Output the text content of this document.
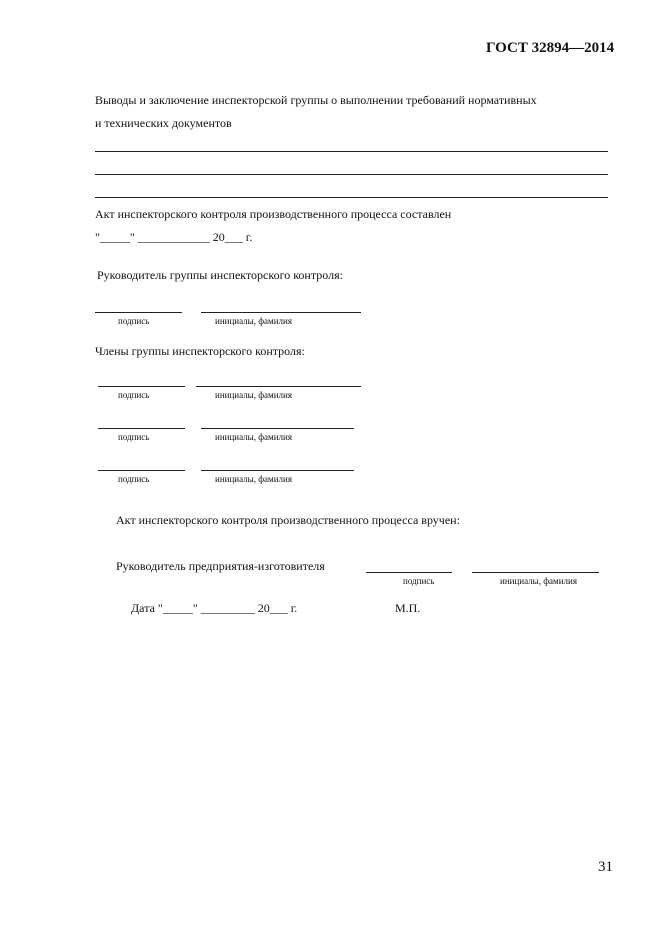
ГОСТ 32894—2014
Выводы и заключение инспекторской группы о выполнении требований нормативных
и технических документов
Акт инспекторского контроля производственного процесса составлен
"_____" ____________ 20___ г.
Руководитель группы инспекторского контроля:
подпись	инициалы, фамилия
Члены группы инспекторского контроля:
подпись	инициалы, фамилия
подпись	инициалы, фамилия
подпись	инициалы, фамилия
Акт инспекторского контроля производственного процесса вручен:
Руководитель предприятия-изготовителя
подпись	инициалы, фамилия
Дата "_____" _________ 20___ г.	М.П.
31
